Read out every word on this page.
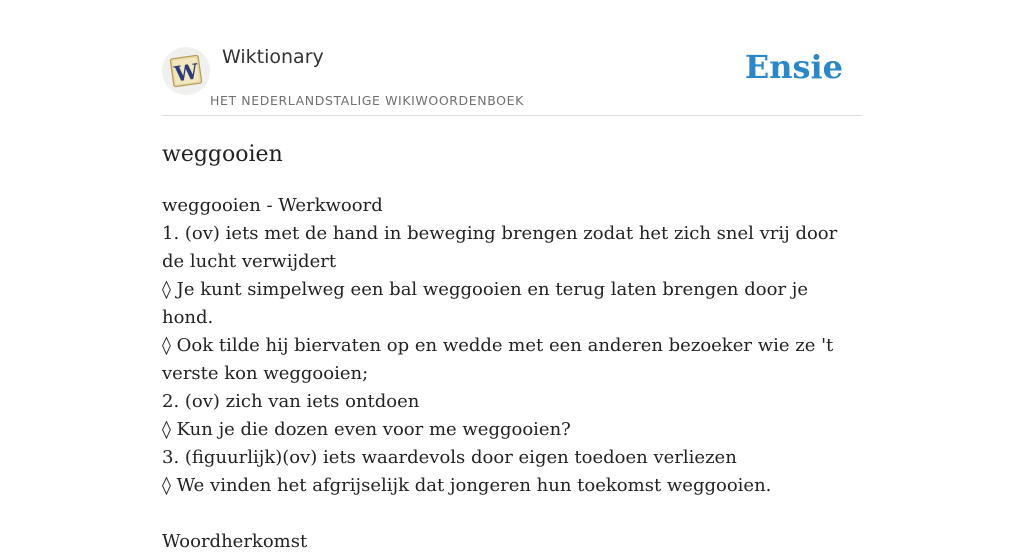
W
Wiktionary
HET NEDERLANDSTALIGE WIKIWOORDENBOEK
Ensie
weggooien
weggooien - Werkwoord
1. (ov) iets met de hand in beweging brengen zodat het zich snel vrij door de lucht verwijdert
◊ Je kunt simpelweg een bal weggooien en terug laten brengen door je hond.
◊ Ook tilde hij biervaten op en wedde met een anderen bezoeker wie ze 't verste kon weggooien;
2. (ov) zich van iets ontdoen
◊ Kun je die dozen even voor me weggooien?
3. (figuurlijk)(ov) iets waardevols door eigen toedoen verliezen
◊ We vinden het afgrijselijk dat jongeren hun toekomst weggooien.
Woordherkomst
